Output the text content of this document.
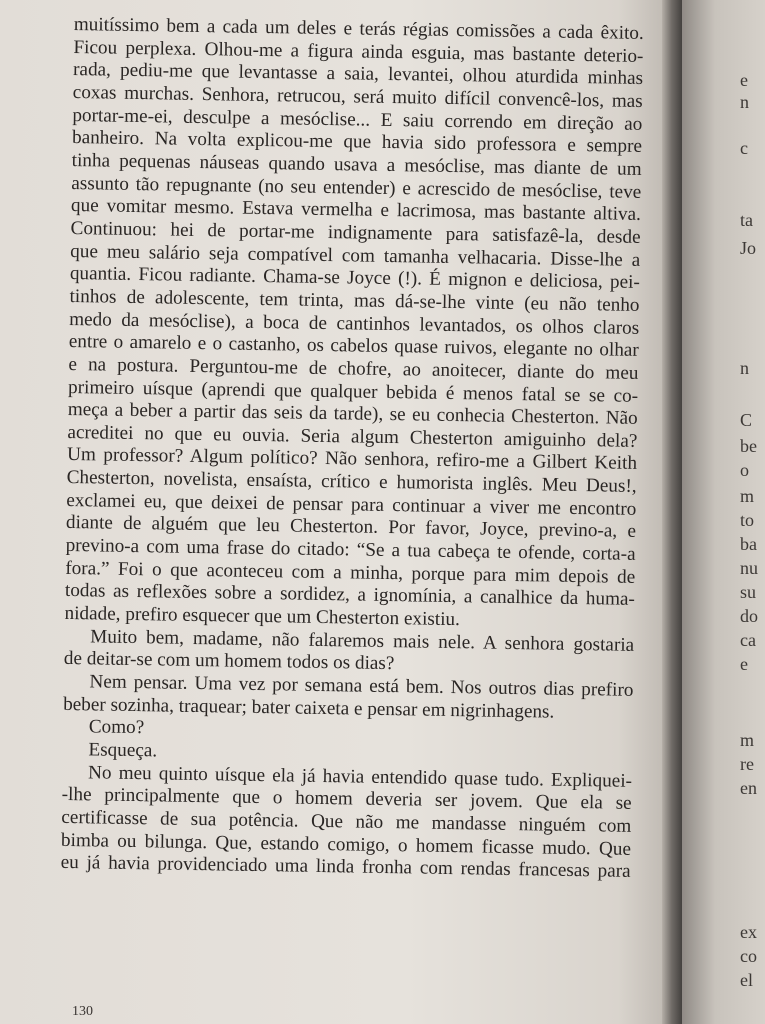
muitíssimo bem a cada um deles e terás régias comissões a cada êxito.
Ficou perplexa. Olhou-me a figura ainda esguia, mas bastante deterio-
rada, pediu-me que levantasse a saia, levantei, olhou aturdida minhas
coxas murchas. Senhora, retrucou, será muito difícil convencê-los, mas
portar-me-ei, desculpe a mesóclise... E saiu correndo em direção ao
banheiro. Na volta explicou-me que havia sido professora e sempre
tinha pequenas náuseas quando usava a mesóclise, mas diante de um
assunto tão repugnante (no seu entender) e acrescido de mesóclise, teve
que vomitar mesmo. Estava vermelha e lacrimosa, mas bastante altiva.
Continuou: hei de portar-me indignamente para satisfazê-la, desde
que meu salário seja compatível com tamanha velhacaria. Disse-lhe a
quantia. Ficou radiante. Chama-se Joyce (!). É mignon e deliciosa, pei-
tinhos de adolescente, tem trinta, mas dá-se-lhe vinte (eu não tenho
medo da mesóclise), a boca de cantinhos levantados, os olhos claros
entre o amarelo e o castanho, os cabelos quase ruivos, elegante no olhar
e na postura. Perguntou-me de chofre, ao anoitecer, diante do meu
primeiro uísque (aprendi que qualquer bebida é menos fatal se se co-
meça a beber a partir das seis da tarde), se eu conhecia Chesterton. Não
acreditei no que eu ouvia. Seria algum Chesterton amiguinho dela?
Um professor? Algum político? Não senhora, refiro-me a Gilbert Keith
Chesterton, novelista, ensaísta, crítico e humorista inglês. Meu Deus!,
exclamei eu, que deixei de pensar para continuar a viver me encontro
diante de alguém que leu Chesterton. Por favor, Joyce, previno-a, e
previno-a com uma frase do citado: “Se a tua cabeça te ofende, corta-a
fora.” Foi o que aconteceu com a minha, porque para mim depois de
todas as reflexões sobre a sordidez, a ignomínia, a canalhice da huma-
nidade, prefiro esquecer que um Chesterton existiu.
Muito bem, madame, não falaremos mais nele. A senhora gostaria
de deitar-se com um homem todos os dias?
Nem pensar. Uma vez por semana está bem. Nos outros dias prefiro
beber sozinha, traquear; bater caixeta e pensar em nigrinhagens.
Como?
Esqueça.
No meu quinto uísque ela já havia entendido quase tudo. Expliquei-
-lhe principalmente que o homem deveria ser jovem. Que ela se
certificasse de sua potência. Que não me mandasse ninguém com
bimba ou bilunga. Que, estando comigo, o homem ficasse mudo. Que
eu já havia providenciado uma linda fronha com rendas francesas para
130
e
n
c
ta
Jo
n
C
be
o
m
to
ba
nu
su
do
ca
e
m
re
en
ex
co
el
